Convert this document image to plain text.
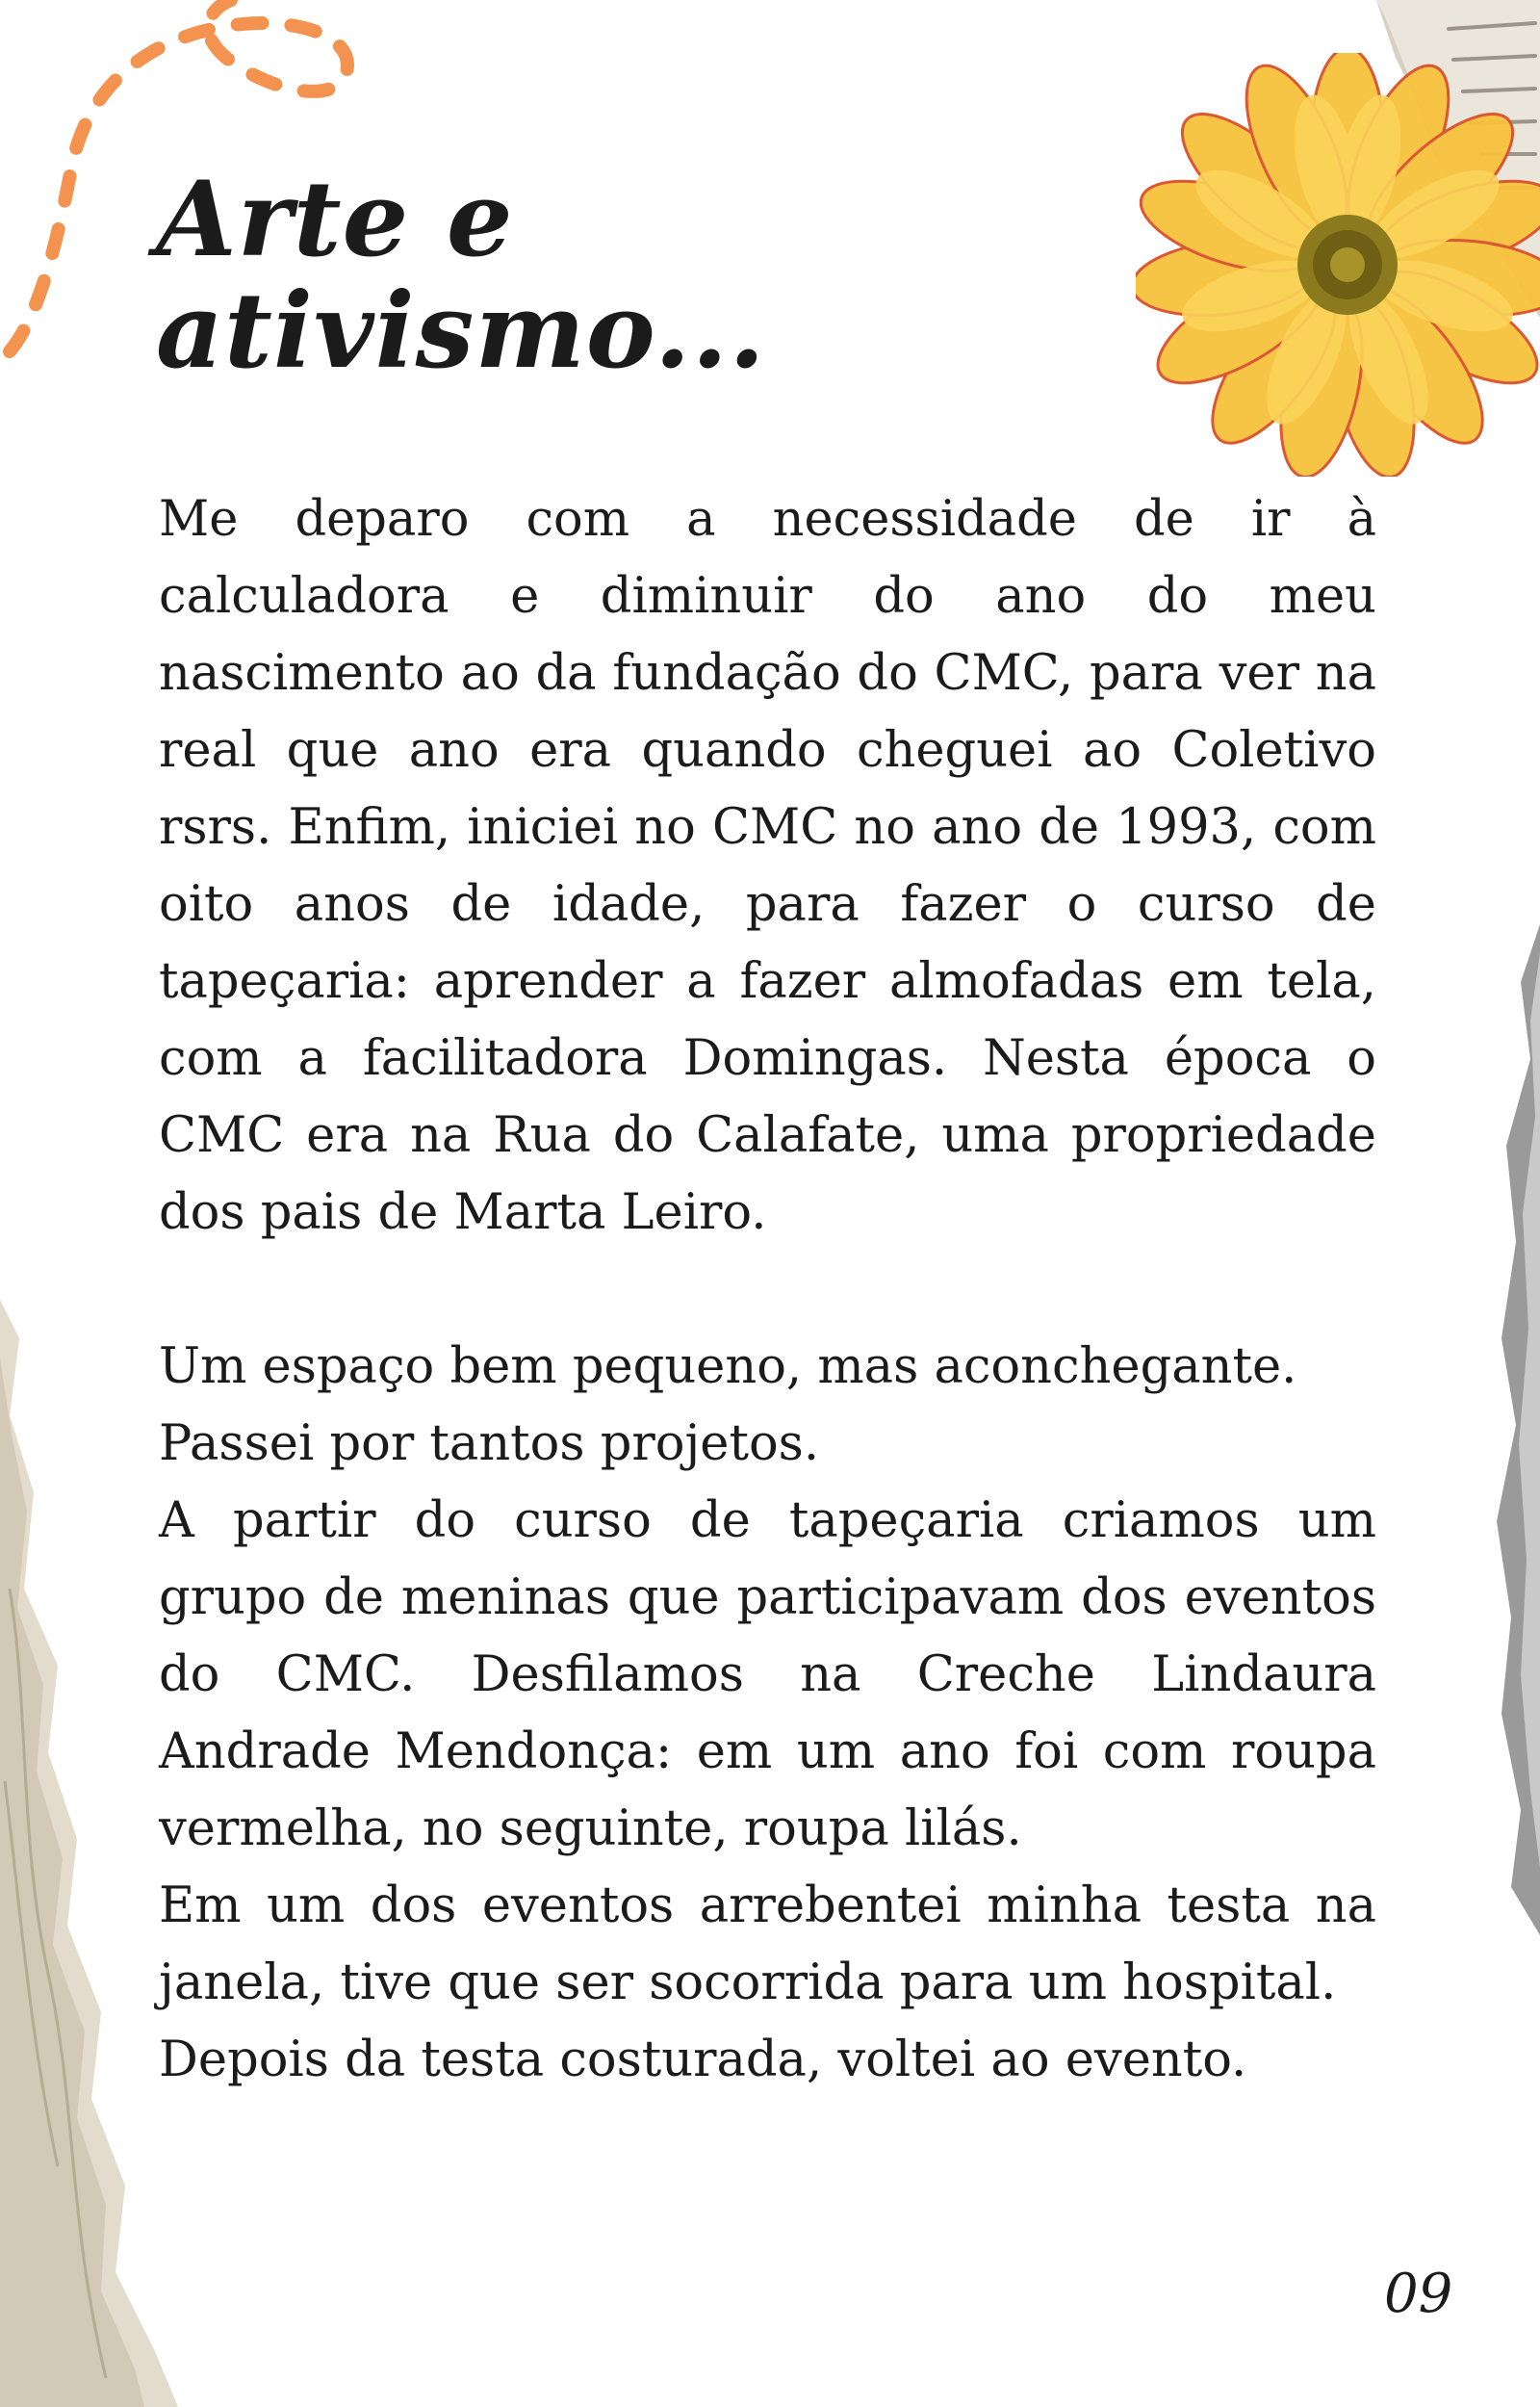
Arte e
ativismo...

Me deparo com a necessidade de ir à calculadora e diminuir do ano do meu nascimento ao da fundação do CMC, para ver na real que ano era quando cheguei ao Coletivo rsrs. Enfim, iniciei no CMC no ano de 1993, com oito anos de idade, para fazer o curso de tapeçaria: aprender a fazer almofadas em tela, com a facilitadora Domingas. Nesta época o CMC era na Rua do Calafate, uma propriedade dos pais de Marta Leiro.

Um espaço bem pequeno, mas aconchegante.

Passei por tantos projetos.

A partir do curso de tapeçaria criamos um grupo de meninas que participavam dos eventos do CMC. Desfilamos na Creche Lindaura Andrade Mendonça: em um ano foi com roupa vermelha, no seguinte, roupa lilás.

Em um dos eventos arrebentei minha testa na janela, tive que ser socorrida para um hospital.

Depois da testa costurada, voltei ao evento.

09
